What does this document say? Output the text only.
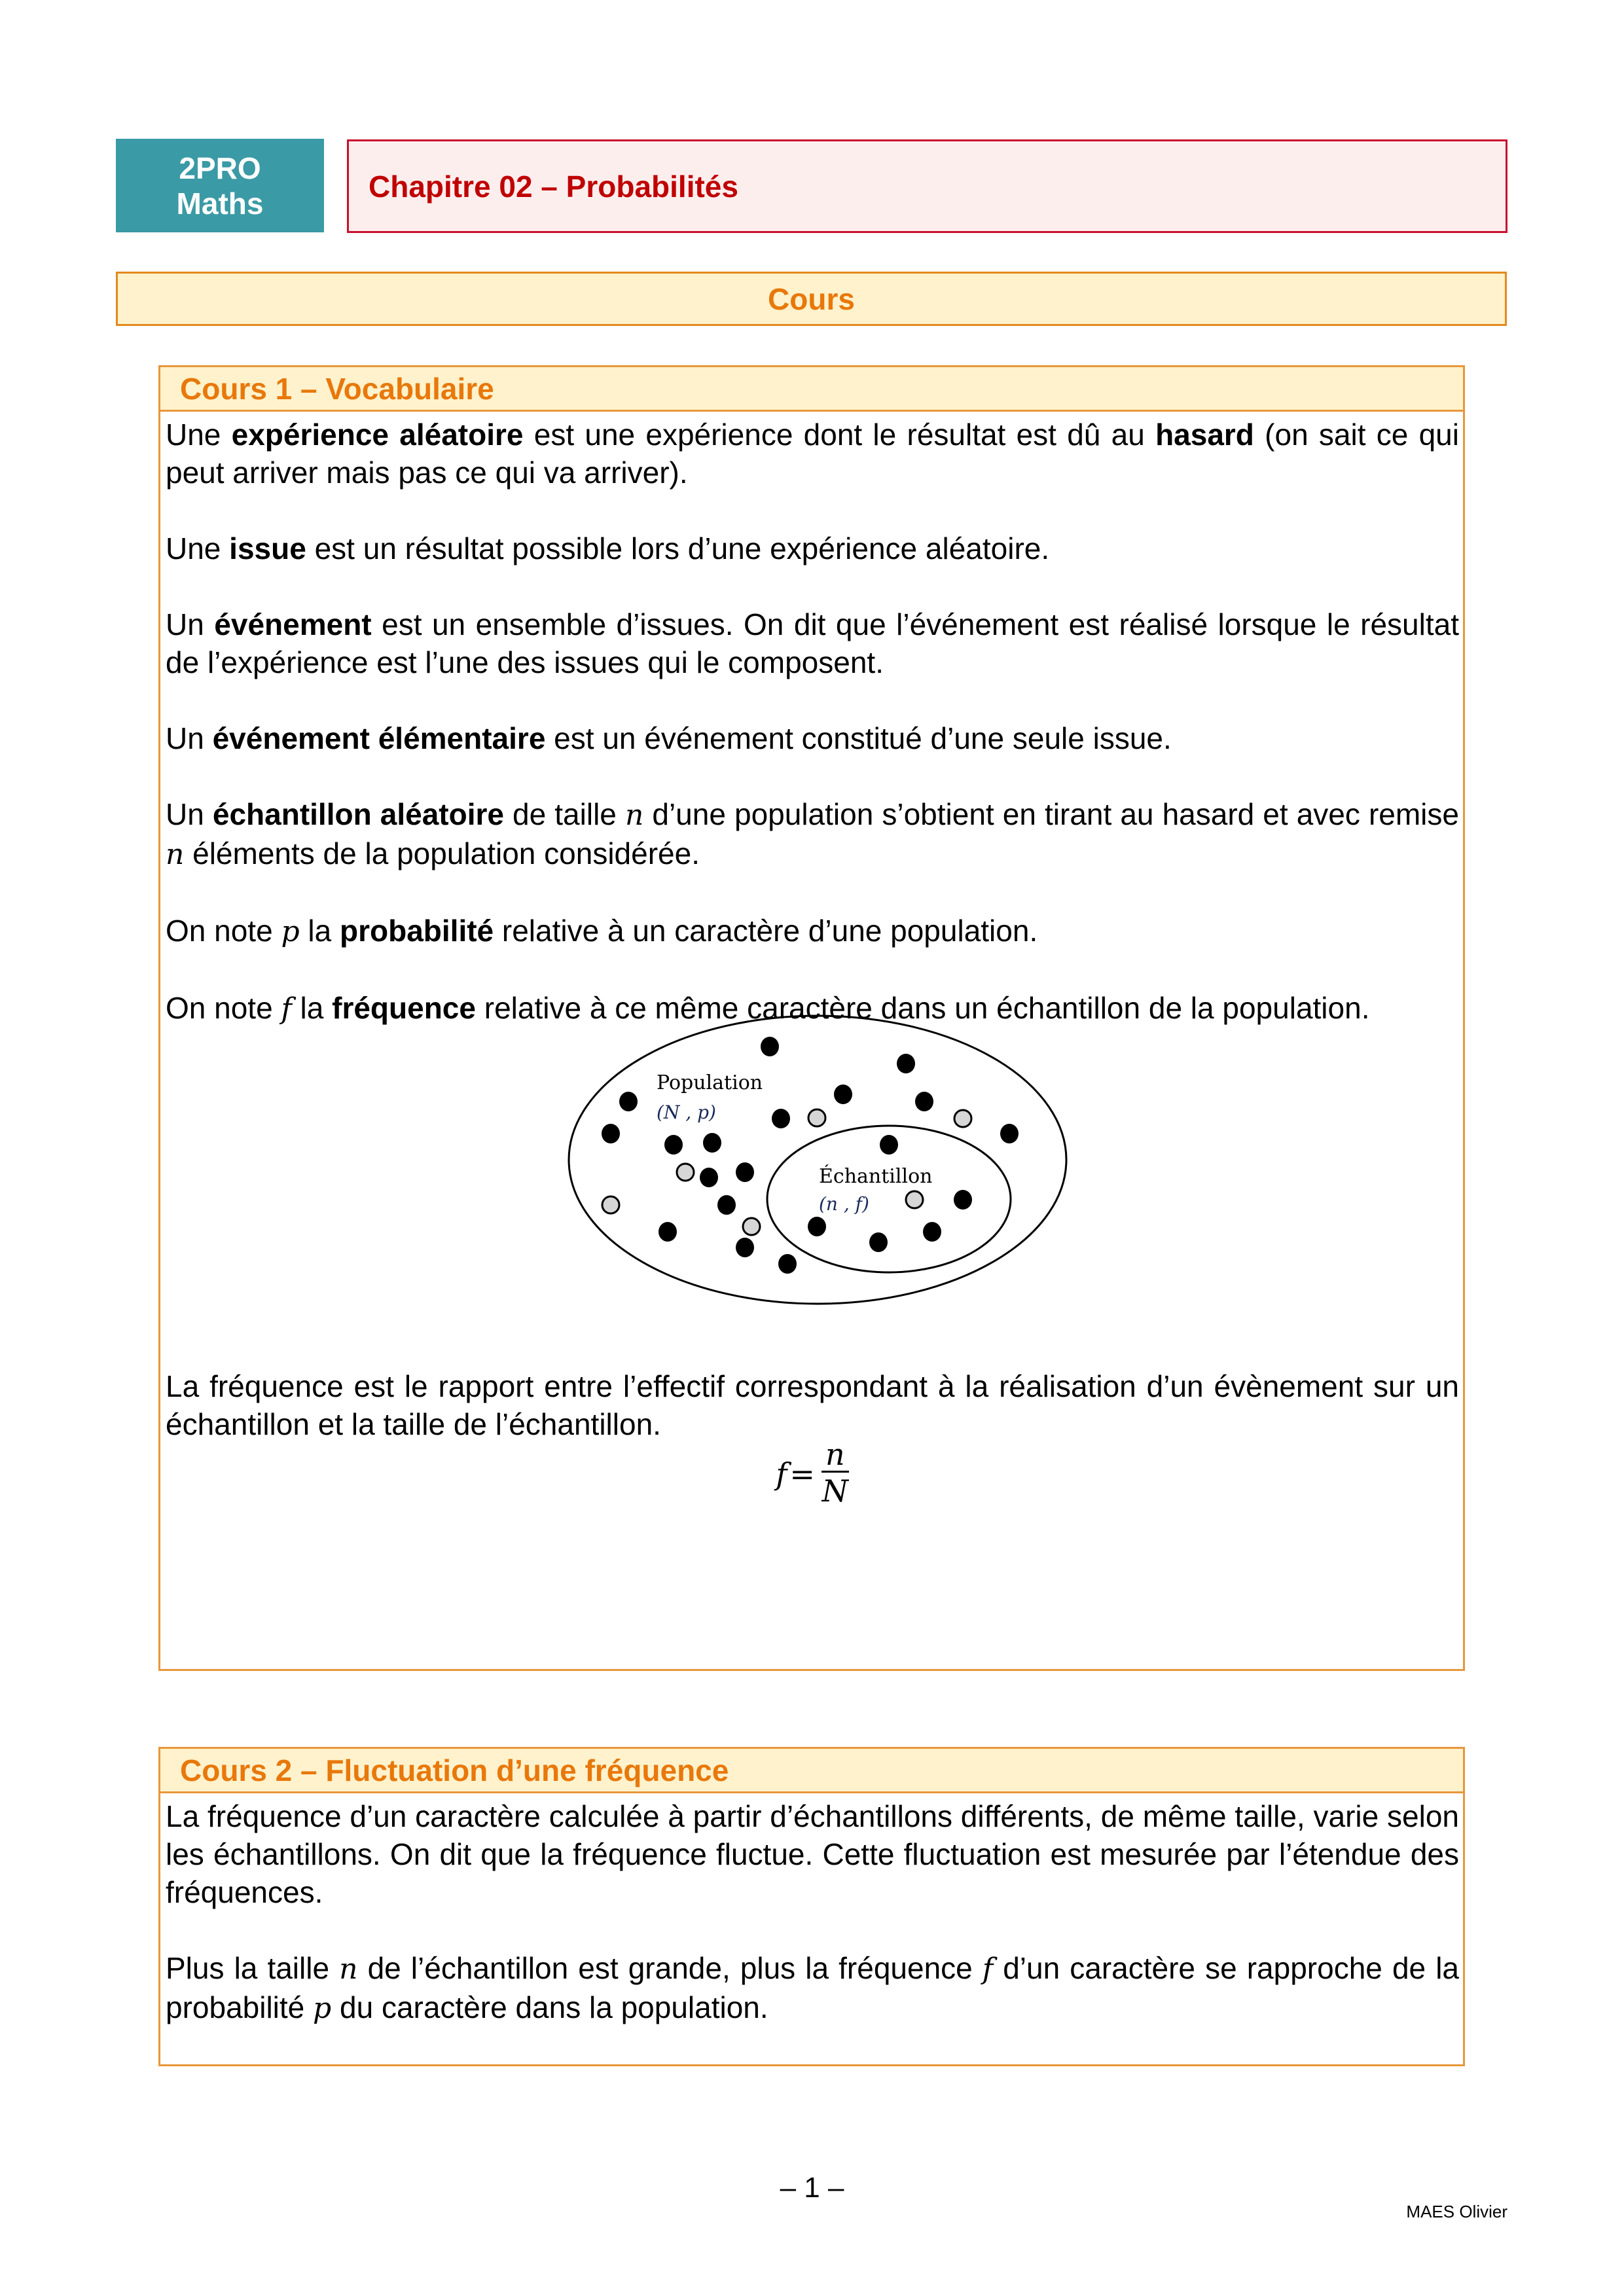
2PRO
Maths	Chapitre 02 – Probabilités
Cours
Cours 1 – Vocabulaire

Une expérience aléatoire est une expérience dont le résultat est dû au hasard (on sait ce qui peut arriver mais pas ce qui va arriver).

Une issue est un résultat possible lors d’une expérience aléatoire.

Un événement est un ensemble d’issues. On dit que l’événement est réalisé lorsque le résultat de l’expérience est l’une des issues qui le composent.

Un événement élémentaire est un événement constitué d’une seule issue.

Un échantillon aléatoire de taille n d’une population s’obtient en tirant au hasard et avec remise n éléments de la population considérée.

On note p la probabilité relative à un caractère d’une population.

On note f la fréquence relative à ce même caractère dans un échantillon de la population.

Population
(N , p)
Échantillon
(n , f)

La fréquence est le rapport entre l’effectif correspondant à la réalisation d’un évènement sur un échantillon et la taille de l’échantillon.

$f = \frac{n}{N}$
Cours 2 – Fluctuation d’une fréquence

La fréquence d’un caractère calculée à partir d’échantillons différents, de même taille, varie selon les échantillons. On dit que la fréquence fluctue. Cette fluctuation est mesurée par l’étendue des fréquences.

Plus la taille n de l’échantillon est grande, plus la fréquence f d’un caractère se rapproche de la probabilité p du caractère dans la population.

– 1 –
MAES Olivier
